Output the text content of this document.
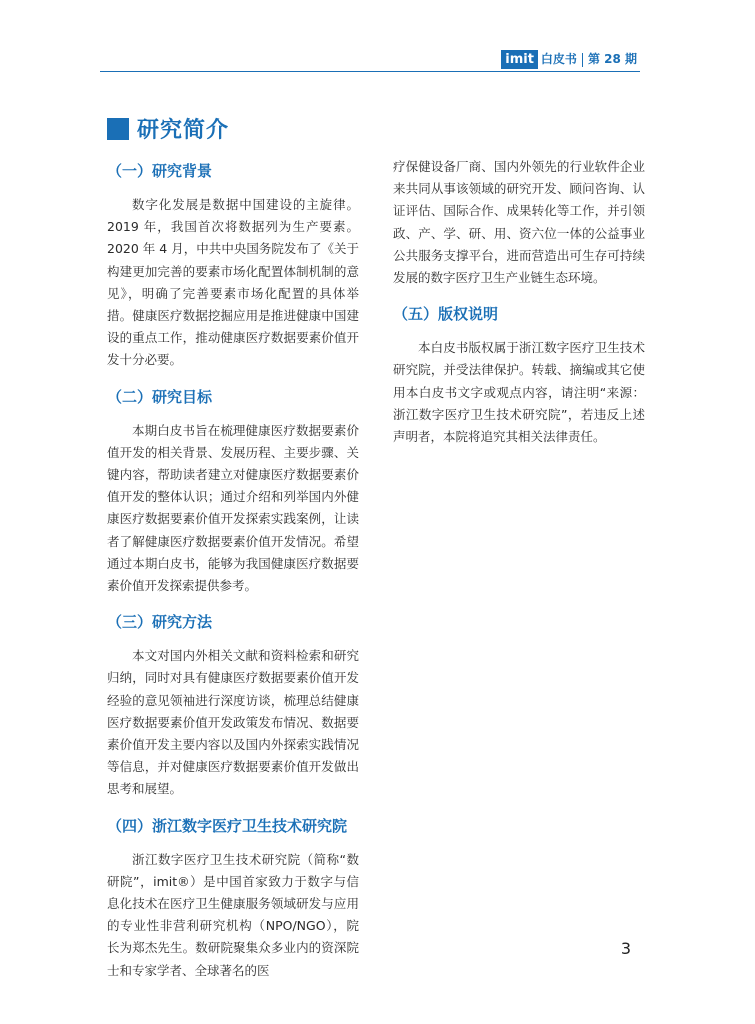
imit 白皮书 第 28 期
研究简介
（一）研究背景

数字化发展是数据中国建设的主旋律。2019 年，我国首次将数据列为生产要素。2020 年 4 月，中共中央国务院发布了《关于构建更加完善的要素市场化配置体制机制的意见》，明确了完善要素市场化配置的具体举措。健康医疗数据挖掘应用是推进健康中国建设的重点工作，推动健康医疗数据要素价值开发十分必要。

（二）研究目标

本期白皮书旨在梳理健康医疗数据要素价值开发的相关背景、发展历程、主要步骤、关键内容，帮助读者建立对健康医疗数据要素价值开发的整体认识；通过介绍和列举国内外健康医疗数据要素价值开发探索实践案例，让读者了解健康医疗数据要素价值开发情况。希望通过本期白皮书，能够为我国健康医疗数据要素价值开发探索提供参考。

（三）研究方法

本文对国内外相关文献和资料检索和研究归纳，同时对具有健康医疗数据要素价值开发经验的意见领袖进行深度访谈，梳理总结健康医疗数据要素价值开发政策发布情况、数据要素价值开发主要内容以及国内外探索实践情况等信息，并对健康医疗数据要素价值开发做出思考和展望。

（四）浙江数字医疗卫生技术研究院

浙江数字医疗卫生技术研究院（简称“数研院”，imit®）是中国首家致力于数字与信息化技术在医疗卫生健康服务领域研发与应用的专业性非营利研究机构（NPO/NGO），院长为郑杰先生。数研院聚集众多业内的资深院士和专家学者、全球著名的医

疗保健设备厂商、国内外领先的行业软件企业来共同从事该领域的研究开发、顾问咨询、认证评估、国际合作、成果转化等工作，并引领政、产、学、研、用、资六位一体的公益事业公共服务支撑平台，进而营造出可生存可持续发展的数字医疗卫生产业链生态环境。

（五）版权说明

本白皮书版权属于浙江数字医疗卫生技术研究院，并受法律保护。转载、摘编或其它使用本白皮书文字或观点内容，请注明“来源：浙江数字医疗卫生技术研究院”，若违反上述声明者，本院将追究其相关法律责任。

3
